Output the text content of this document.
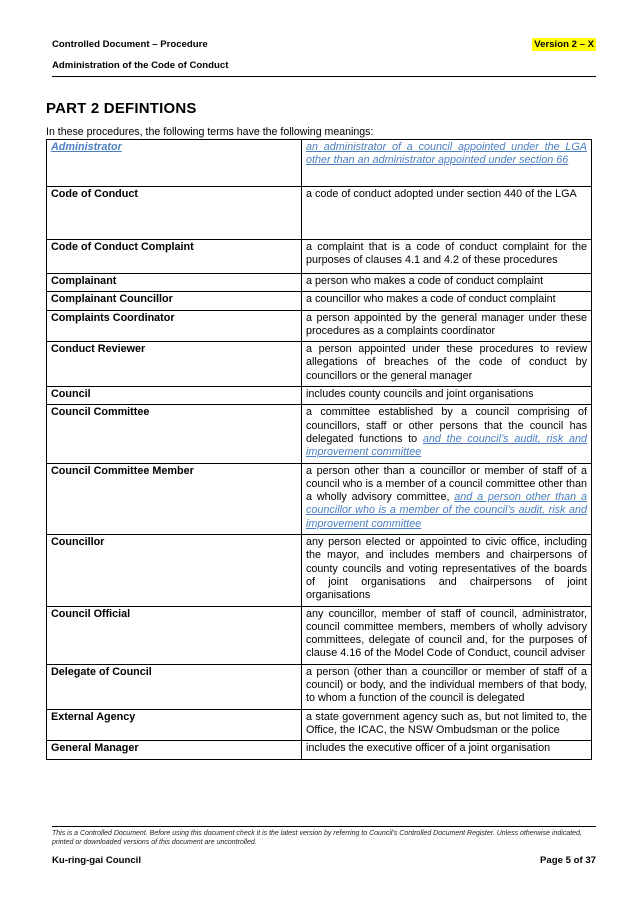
Controlled Document – Procedure	Version 2 – X
Administration of the Code of Conduct
PART 2 DEFINTIONS

In these procedures, the following terms have the following meanings:

Administrator	an administrator of a council appointed under the LGA other than an administrator appointed under section 66
Code of Conduct	a code of conduct adopted under section 440 of the LGA
Code of Conduct Complaint	a complaint that is a code of conduct complaint for the purposes of clauses 4.1 and 4.2 of these procedures
Complainant	a person who makes a code of conduct complaint
Complainant Councillor	a councillor who makes a code of conduct complaint
Complaints Coordinator	a person appointed by the general manager under these procedures as a complaints coordinator
Conduct Reviewer	a person appointed under these procedures to review allegations of breaches of the code of conduct by councillors or the general manager
Council	includes county councils and joint organisations
Council Committee	a committee established by a council comprising of councillors, staff or other persons that the council has delegated functions to and the council’s audit, risk and improvement committee
Council Committee Member	a person other than a councillor or member of staff of a council who is a member of a council committee other than a wholly advisory committee, and a person other than a councillor who is a member of the council’s audit, risk and improvement committee
Councillor	any person elected or appointed to civic office, including the mayor, and includes members and chairpersons of county councils and voting representatives of the boards of joint organisations and chairpersons of joint organisations
Council Official	any councillor, member of staff of council, administrator, council committee members, members of wholly advisory committees, delegate of council and, for the purposes of clause 4.16 of the Model Code of Conduct, council adviser
Delegate of Council	a person (other than a councillor or member of staff of a council) or body, and the individual members of that body, to whom a function of the council is delegated
External Agency	a state government agency such as, but not limited to, the Office, the ICAC, the NSW Ombudsman or the police
General Manager	includes the executive officer of a joint organisation

This is a Controlled Document. Before using this document check it is the latest version by referring to Council’s Controlled Document Register. Unless otherwise indicated, printed or downloaded versions of this document are uncontrolled.

Ku-ring-gai Council	Page 5 of 37
